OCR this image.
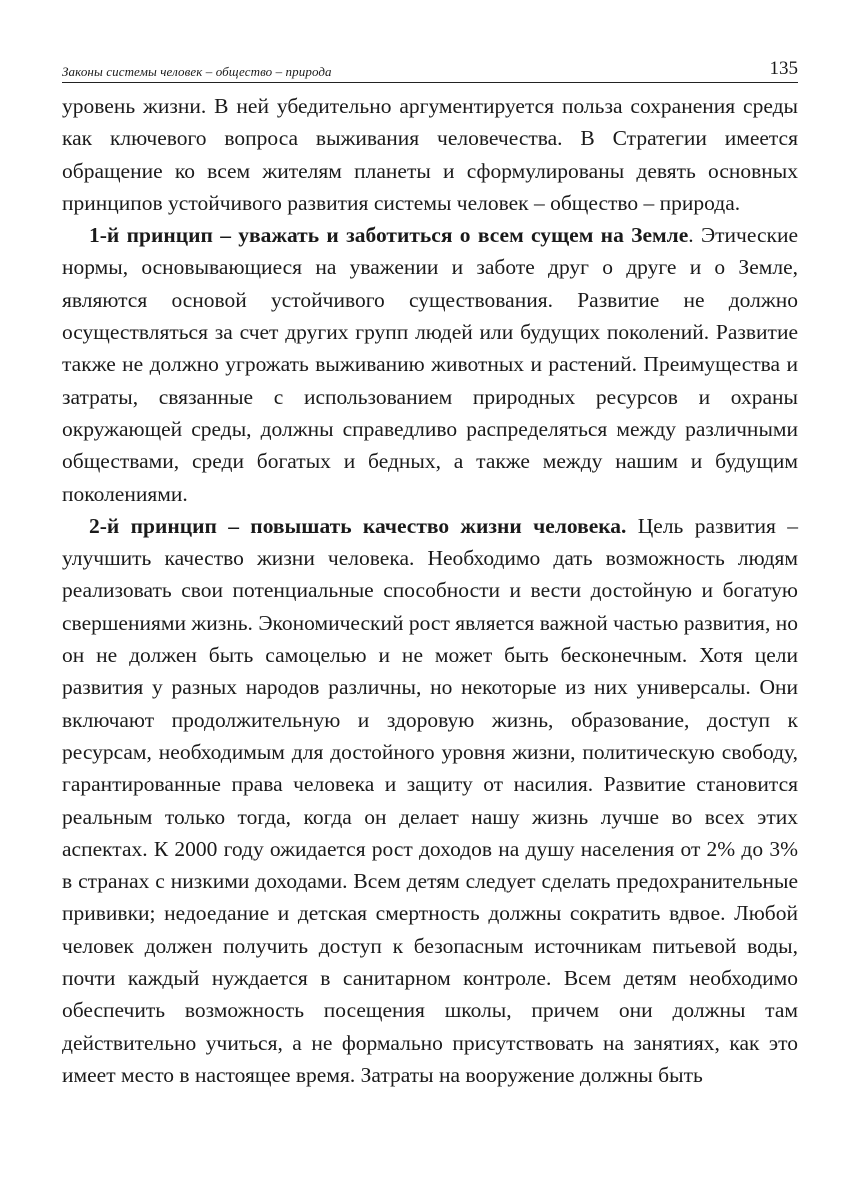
Законы системы человек – общество – природа	135

уровень жизни. В ней убедительно аргументируется польза сохранения среды как ключевого вопроса выживания человечества. В Стратегии имеется обращение ко всем жителям планеты и сформулированы девять основных принципов устойчивого развития системы человек – общество – природа.

1-й принцип – уважать и заботиться о всем сущем на Земле. Этические нормы, основывающиеся на уважении и заботе друг о друге и о Земле, являются основой устойчивого существования. Развитие не должно осуществляться за счет других групп людей или будущих поколений. Развитие также не должно угрожать выживанию животных и растений. Преимущества и затраты, связанные с использованием природных ресурсов и охраны окружающей среды, должны справедливо распределяться между различными обществами, среди богатых и бедных, а также между нашим и будущим поколениями.

2-й принцип – повышать качество жизни человека. Цель развития – улучшить качество жизни человека. Необходимо дать возможность людям реализовать свои потенциальные способности и вести достойную и богатую свершениями жизнь. Экономический рост является важной частью развития, но он не должен быть самоцелью и не может быть бесконечным. Хотя цели развития у разных народов различны, но некоторые из них универсалы. Они включают продолжительную и здоровую жизнь, образование, доступ к ресурсам, необходимым для достойного уровня жизни, политическую свободу, гарантированные права человека и защиту от насилия. Развитие становится реальным только тогда, когда он делает нашу жизнь лучше во всех этих аспектах. К 2000 году ожидается рост доходов на душу населения от 2% до 3% в странах с низкими доходами. Всем детям следует сделать предохранительные прививки; недоедание и детская смертность должны сократить вдвое. Любой человек должен получить доступ к безопасным источникам питьевой воды, почти каждый нуждается в санитарном контроле. Всем детям необходимо обеспечить возможность посещения школы, причем они должны там действительно учиться, а не формально присутствовать на занятиях, как это имеет место в настоящее время. Затраты на вооружение должны быть
